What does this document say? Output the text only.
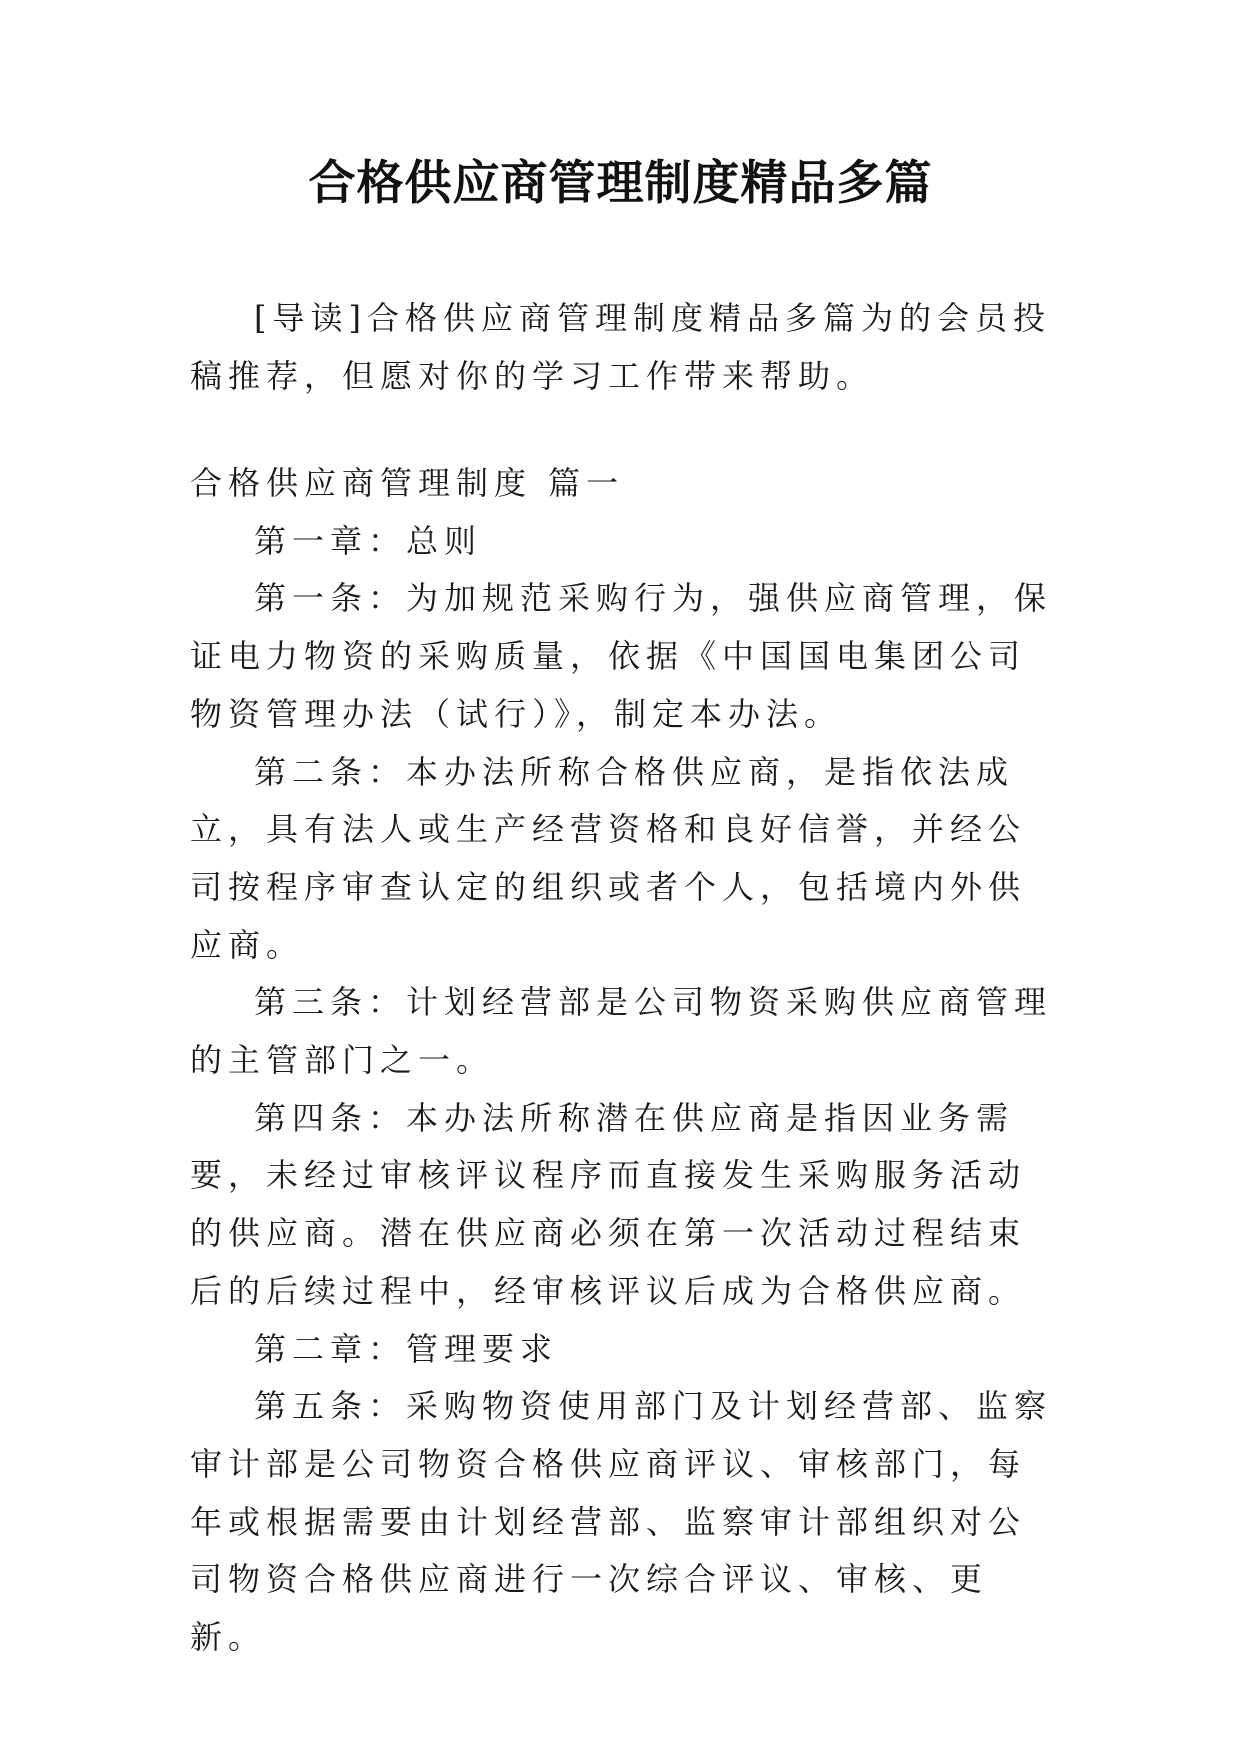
合格供应商管理制度精品多篇
[导读]合格供应商管理制度精品多篇为的会员投稿推荐，但愿对你的学习工作带来帮助。

合格供应商管理制度 篇一

第一章：总则

第一条：为加规范采购行为，强供应商管理，保证电力物资的采购质量，依据《中国国电集团公司物资管理办法（试行）》，制定本办法。

第二条：本办法所称合格供应商，是指依法成立，具有法人或生产经营资格和良好信誉，并经公司按程序审查认定的组织或者个人，包括境内外供应商。

第三条：计划经营部是公司物资采购供应商管理的主管部门之一。

第四条：本办法所称潜在供应商是指因业务需要，未经过审核评议程序而直接发生采购服务活动的供应商。潜在供应商必须在第一次活动过程结束后的后续过程中，经审核评议后成为合格供应商。

第二章：管理要求

第五条：采购物资使用部门及计划经营部、监察审计部是公司物资合格供应商评议、审核部门，每年或根据需要由计划经营部、监察审计部组织对公司物资合格供应商进行一次综合评议、审核、更新。
